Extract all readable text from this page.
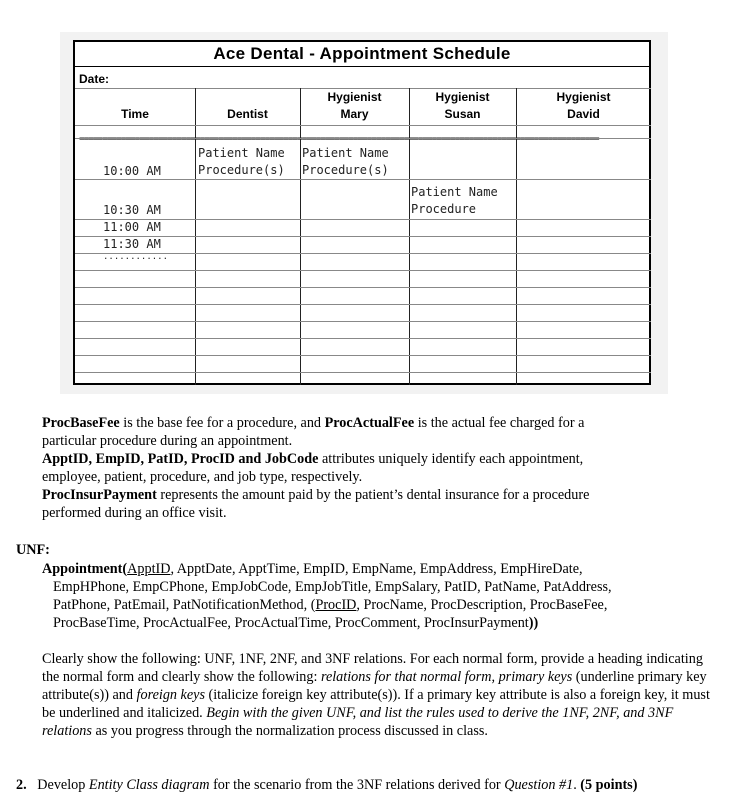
Ace Dental - Appointment Schedule
Date:
Time	Dentist
Hygienist
Mary
Hygienist
Susan
Hygienist
David
================================================================================================================
10:00 AM
10:30 AM
11:00 AM
11:30 AM
............
Patient Name
Procedure(s)
Patient Name
Procedure(s)
Patient Name
Procedure

ProcBaseFee is the base fee for a procedure, and ProcActualFee is the actual fee charged for a

particular procedure during an appointment.

ApptID, EmpID, PatID, ProcID and JobCode attributes uniquely identify each appointment,

employee, patient, procedure, and job type, respectively.

ProcInsurPayment represents the amount paid by the patient’s dental insurance for a procedure

performed during an office visit.

UNF:
Appointment(ApptID, ApptDate, ApptTime, EmpID, EmpName, EmpAddress, EmpHireDate,
EmpHPhone, EmpCPhone, EmpJobCode, EmpJobTitle, EmpSalary, PatID, PatName, PatAddress,
PatPhone, PatEmail, PatNotificationMethod, (ProcID, ProcName, ProcDescription, ProcBaseFee,
ProcBaseTime, ProcActualFee, ProcActualTime, ProcComment, ProcInsurPayment))
Clearly show the following: UNF, 1NF, 2NF, and 3NF relations. For each normal form, provide a heading indicating the normal form and clearly show the following: relations for that normal form, primary keys (underline primary key attribute(s)) and foreign keys (italicize foreign key attribute(s)). If a primary key attribute is also a foreign key, it must be underlined and italicized. Begin with the given UNF, and list the rules used to derive the 1NF, 2NF, and 3NF relations as you progress through the normalization process discussed in class.
2. Develop Entity Class diagram for the scenario from the 3NF relations derived for Question #1. (5 points)
